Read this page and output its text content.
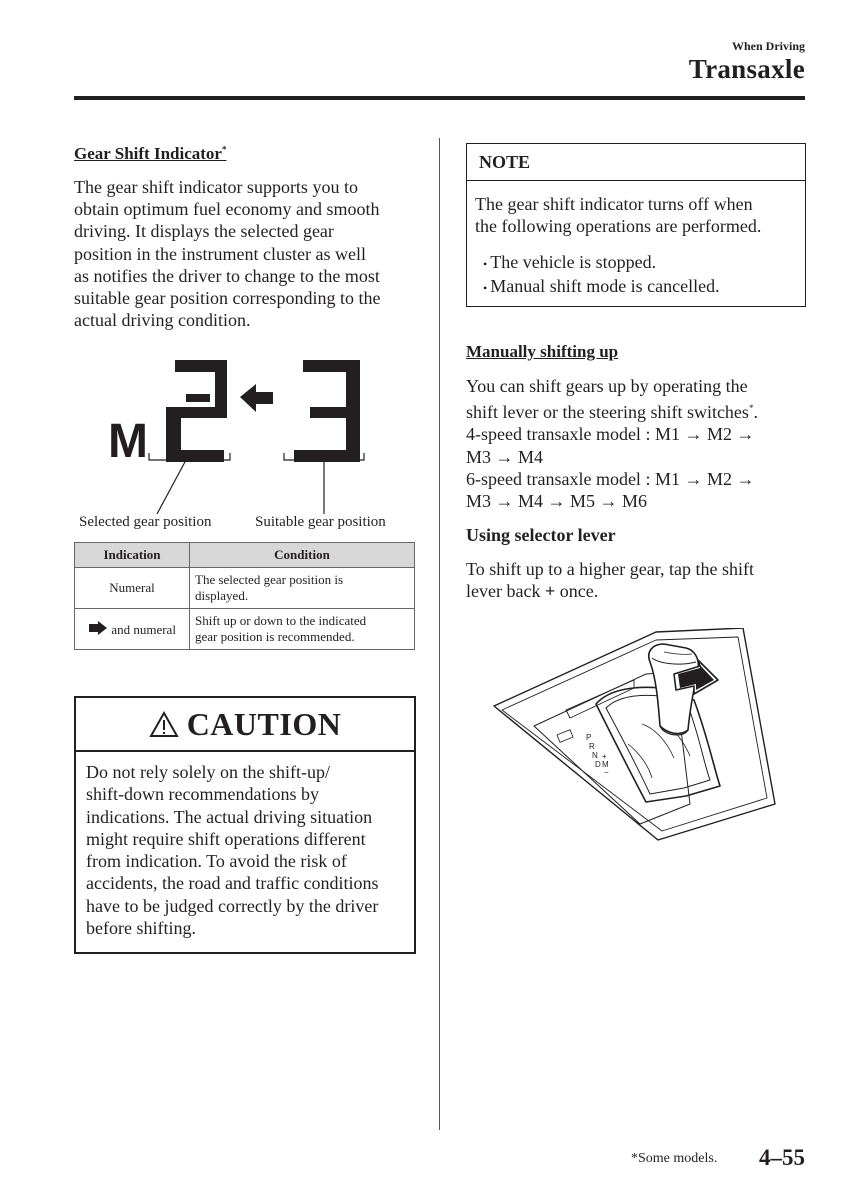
When Driving
Transaxle
Gear Shift Indicator*
The gear shift indicator supports you to
obtain optimum fuel economy and smooth
driving. It displays the selected gear
position in the instrument cluster as well
as notifies the driver to change to the most
suitable gear position corresponding to the
actual driving condition.
M
Selected gear position	Suitable gear position
Indication	Condition
Numeral	The selected gear position is
displayed.

and numeral	Shift up or down to the indicated
gear position is recommended.
CAUTION
Do not rely solely on the shift-up/
shift-down recommendations by
indications. The actual driving situation
might require shift operations different
from indication. To avoid the risk of
accidents, the road and traffic conditions
have to be judged correctly by the driver
before shifting.
NOTE
The gear shift indicator turns off when
the following operations are performed.
• The vehicle is stopped.
• Manual shift mode is cancelled.
Manually shifting up
You can shift gears up by operating the
shift lever or the steering shift switches*.
4-speed transaxle model : M1 → M2 →
M3 → M4
6-speed transaxle model : M1 → M2 →
M3 → M4 → M5 → M6
Using selector lever
To shift up to a higher gear, tap the shift
lever back + once.
P
R
N
D M
+
−
*Some models. 4–55
